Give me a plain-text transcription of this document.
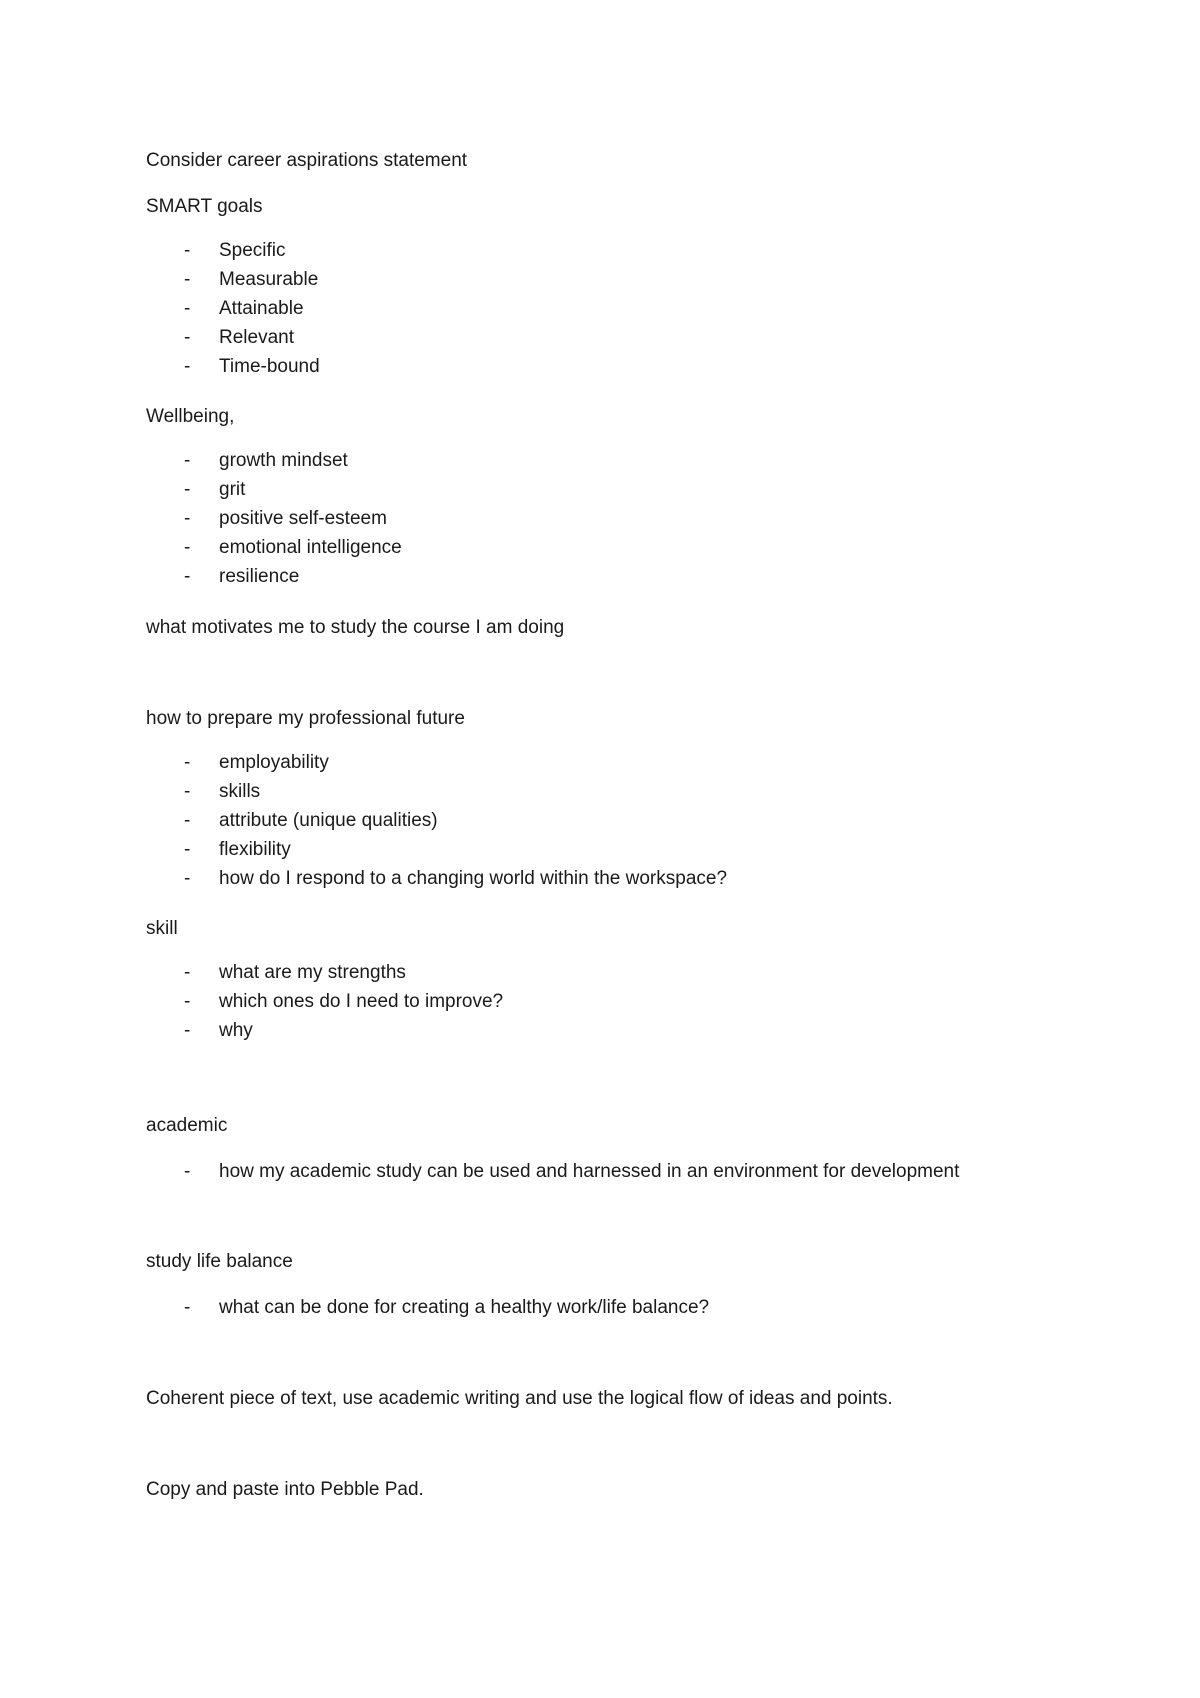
Consider career aspirations statement

SMART goals

- Specific
- Measurable
- Attainable
- Relevant
- Time-bound

Wellbeing,

- growth mindset
- grit
- positive self-esteem
- emotional intelligence
- resilience

what motivates me to study the course I am doing

how to prepare my professional future

- employability
- skills
- attribute (unique qualities)
- flexibility
- how do I respond to a changing world within the workspace?

skill

- what are my strengths
- which ones do I need to improve?
- why

academic

- how my academic study can be used and harnessed in an environment for development

study life balance

- what can be done for creating a healthy work/life balance?

Coherent piece of text, use academic writing and use the logical flow of ideas and points.

Copy and paste into Pebble Pad.
